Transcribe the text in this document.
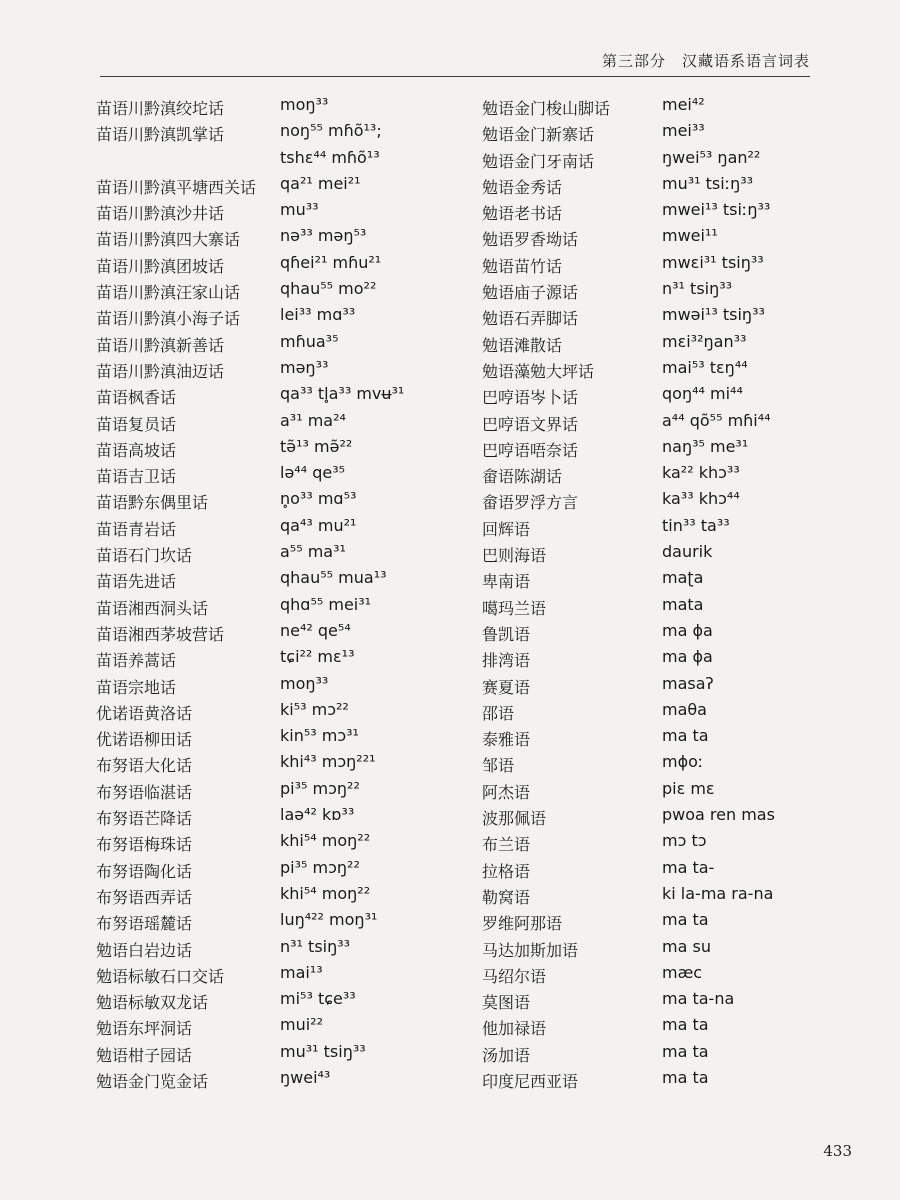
第三部分　汉藏语系语言词表
苗语川黔滇绞坨话	moŋ³³
苗语川黔滇凯掌话	noŋ⁵⁵ mɦõ¹³;
tshɛ⁴⁴ mɦõ¹³
苗语川黔滇平塘西关话 qa²¹ mei²¹
苗语川黔滇沙井话	mu³³
苗语川黔滇四大寨话 nə³³ məŋ⁵³
苗语川黔滇团坡话	qɦei²¹ mɦu²¹
苗语川黔滇汪家山话 qhau⁵⁵ mo²²
苗语川黔滇小海子话 lei³³ mɑ³³
苗语川黔滇新善话	mɦua³⁵
苗语川黔滇油迈话	məŋ³³
苗语枫香话	qa³³ tl̥a³³ mvʉ³¹
苗语复员话	a³¹ ma²⁴
苗语高坡话	tə̃¹³ mə̃²²
苗语吉卫话	lə⁴⁴ qe³⁵
苗语黔东偶里话	n̥o³³ mɑ⁵³
苗语青岩话	qa⁴³ mu²¹
苗语石门坎话	a⁵⁵ ma³¹
苗语先进话	qhau⁵⁵ mua¹³
苗语湘西洞头话	qhɑ⁵⁵ mei³¹
苗语湘西茅坡营话	ne⁴² qe⁵⁴
苗语养蒿话	tɕi²² mɛ¹³
苗语宗地话	moŋ³³
优诺语黄洛话	ki⁵³ mɔ²²
优诺语柳田话	kin⁵³ mɔ³¹
布努语大化话	khi⁴³ mɔŋ²²¹
布努语临湛话	pi³⁵ mɔŋ²²
布努语芒降话	laə⁴² kɒ³³
布努语梅珠话	khi⁵⁴ moŋ²²
布努语陶化话	pi³⁵ mɔŋ²²
布努语西弄话	khi⁵⁴ moŋ²²
布努语瑶麓话	luŋ⁴²² moŋ³¹
勉语白岩边话	n³¹ tsiŋ³³
勉语标敏石口交话	mai¹³
勉语标敏双龙话	mi⁵³ tɕe³³
勉语东坪洞话	mui²²
勉语柑子园话	mu³¹ tsiŋ³³
勉语金门览金话	ŋwei⁴³
勉语金门梭山脚话	mei⁴²
勉语金门新寨话	mei³³
勉语金门牙南话	ŋwei⁵³ ŋan²²
勉语金秀话	mu³¹ tsiːŋ³³
勉语老书话	mwei¹³ tsiːŋ³³
勉语罗香坳话	mwei¹¹
勉语苗竹话	mwɛi³¹ tsiŋ³³
勉语庙子源话	n³¹ tsiŋ³³
勉语石弄脚话	mwəi¹³ tsiŋ³³
勉语滩散话	mɛi³²ŋan³³
勉语藻勉大坪话	mai⁵³ tɛŋ⁴⁴
巴哼语岑卜话	qoŋ⁴⁴ mi⁴⁴
巴哼语文界话	a⁴⁴ qõ⁵⁵ mɦi⁴⁴
巴哼语唔奈话	naŋ³⁵ me³¹
畲语陈湖话	ka²² khɔ³³
畲语罗浮方言	ka³³ khɔ⁴⁴
回辉语	tin³³ ta³³
巴则海语	daurik
卑南语	maʈa
噶玛兰语	mata
鲁凯语	ma ɸa
排湾语	ma ɸa
赛夏语	masaʔ
邵语	maθa
泰雅语	ma ta
邹语	mɸoː
阿杰语	piɛ mɛ
波那佩语	pwoa ren mas
布兰语	mɔ tɔ
拉格语	ma ta-
勒窝语	ki la-ma ra-na
罗维阿那语	ma ta
马达加斯加语	ma su
马绍尔语	mæc
莫图语	ma ta-na
他加禄语	ma ta
汤加语	ma ta
印度尼西亚语	ma ta
433
